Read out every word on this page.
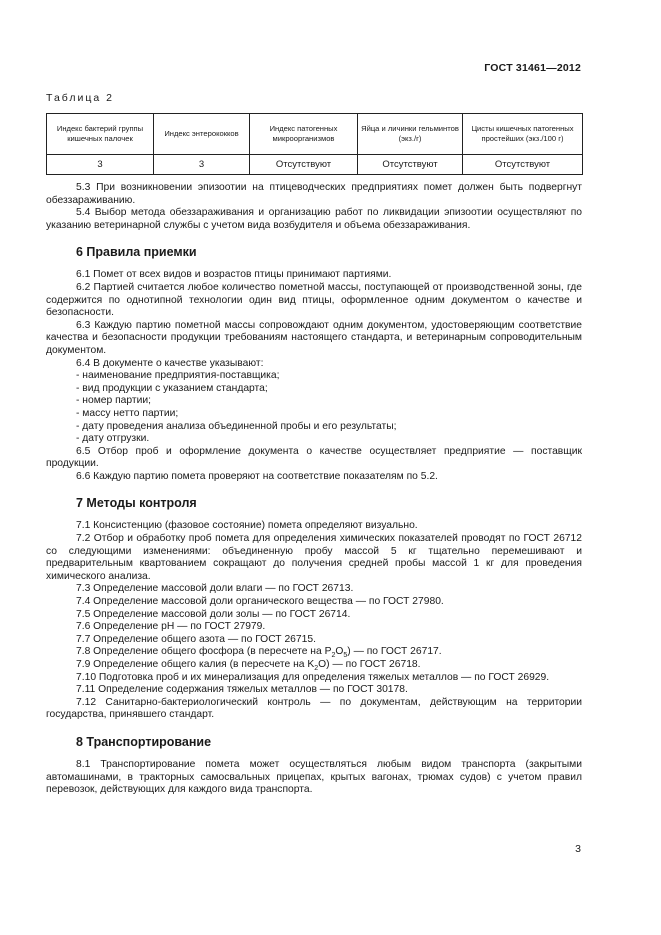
ГОСТ 31461—2012
Таблица 2
Индекс бактерий группы кишечных палочек	Индекс энтерококков	Индекс патогенных микроорганизмов	Яйца и личинки гельминтов (экз./г)	Цисты кишечных патогенных простейших (экз./100 г)
3	3	Отсутствуют	Отсутствуют	Отсутствуют

5.3 При возникновении эпизоотии на птицеводческих предприятиях помет должен быть подвергнут обеззараживанию.

5.4 Выбор метода обеззараживания и организацию работ по ликвидации эпизоотии осуществляют по указанию ветеринарной службы с учетом вида возбудителя и объема обеззараживания.

6 Правила приемки

6.1 Помет от всех видов и возрастов птицы принимают партиями.

6.2 Партией считается любое количество пометной массы, поступающей от производственной зоны, где содержится по однотипной технологии один вид птицы, оформленное одним документом о качестве и безопасности.

6.3 Каждую партию пометной массы сопровождают одним документом, удостоверяющим соответствие качества и безопасности продукции требованиям настоящего стандарта, и ветеринарным сопроводительным документом.

6.4 В документе о качестве указывают:

- наименование предприятия-поставщика;

- вид продукции с указанием стандарта;

- номер партии;

- массу нетто партии;

- дату проведения анализа объединенной пробы и его результаты;

- дату отгрузки.

6.5 Отбор проб и оформление документа о качестве осуществляет предприятие — поставщик продукции.

6.6 Каждую партию помета проверяют на соответствие показателям по 5.2.

7 Методы контроля

7.1 Консистенцию (фазовое состояние) помета определяют визуально.

7.2 Отбор и обработку проб помета для определения химических показателей проводят по ГОСТ 26712 со следующими изменениями: объединенную пробу массой 5 кг тщательно перемешивают и предварительным квартованием сокращают до получения средней пробы массой 1 кг для проведения химического анализа.

7.3 Определение массовой доли влаги — по ГОСТ 26713.

7.4 Определение массовой доли органического вещества — по ГОСТ 27980.

7.5 Определение массовой доли золы — по ГОСТ 26714.

7.6 Определение pH — по ГОСТ 27979.

7.7 Определение общего азота — по ГОСТ 26715.

7.8 Определение общего фосфора (в пересчете на $P_2O_5$) — по ГОСТ 26717.

7.9 Определение общего калия (в пересчете на $K_2O$) — по ГОСТ 26718.

7.10 Подготовка проб и их минерализация для определения тяжелых металлов — по ГОСТ 26929.

7.11 Определение содержания тяжелых металлов — по ГОСТ 30178.

7.12 Санитарно-бактериологический контроль — по документам, действующим на территории государства, принявшего стандарт.

8 Транспортирование

8.1 Транспортирование помета может осуществляться любым видом транспорта (закрытыми автомашинами, в тракторных самосвальных прицепах, крытых вагонах, трюмах судов) с учетом правил перевозок, действующих для каждого вида транспорта.

3
